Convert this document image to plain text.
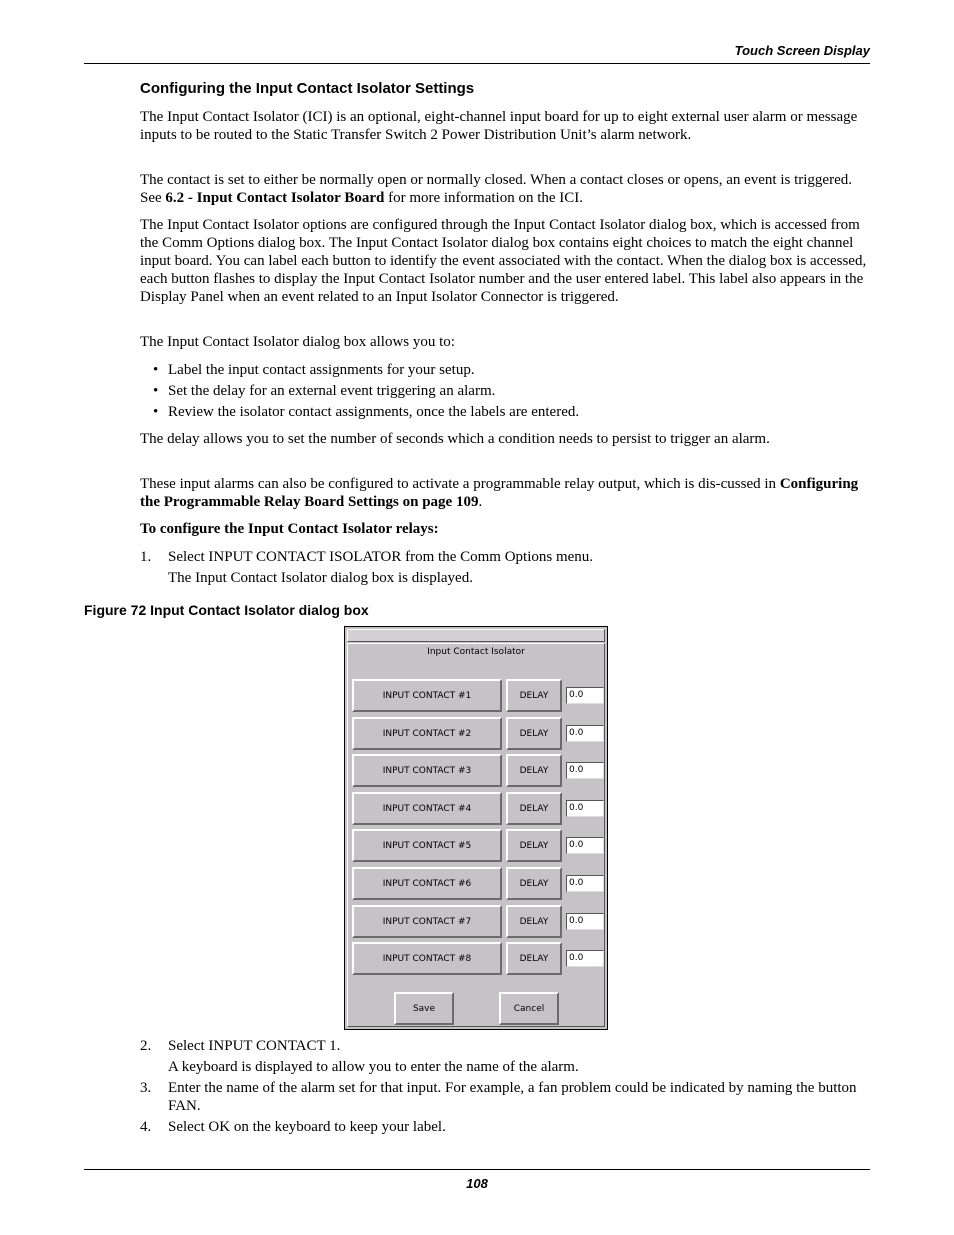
Touch Screen Display
Configuring the Input Contact Isolator Settings

The Input Contact Isolator (ICI) is an optional, eight-channel input board for up to eight external user alarm or message inputs to be routed to the Static Transfer Switch 2 Power Distribution Unit’s alarm network.

The contact is set to either be normally open or normally closed. When a contact closes or opens, an event is triggered. See 6.2 - Input Contact Isolator Board for more information on the ICI.

The Input Contact Isolator options are configured through the Input Contact Isolator dialog box, which is accessed from the Comm Options dialog box. The Input Contact Isolator dialog box contains eight choices to match the eight channel input board. You can label each button to identify the event associated with the contact. When the dialog box is accessed, each button flashes to display the Input Contact Isolator number and the user entered label. This label also appears in the Display Panel when an event related to an Input Isolator Connector is triggered.

The Input Contact Isolator dialog box allows you to:

• Label the input contact assignments for your setup.
• Set the delay for an external event triggering an alarm.
• Review the isolator contact assignments, once the labels are entered.

The delay allows you to set the number of seconds which a condition needs to persist to trigger an alarm.

These input alarms can also be configured to activate a programmable relay output, which is dis-cussed in Configuring the Programmable Relay Board Settings on page 109.

To configure the Input Contact Isolator relays:

1. Select INPUT CONTACT ISOLATOR from the Comm Options menu.
The Input Contact Isolator dialog box is displayed.
Figure 72 Input Contact Isolator dialog box
Input Contact Isolator
INPUT CONTACT #1	DELAY	0.0
INPUT CONTACT #2	DELAY	0.0
INPUT CONTACT #3	DELAY	0.0
INPUT CONTACT #4	DELAY	0.0
INPUT CONTACT #5	DELAY	0.0
INPUT CONTACT #6	DELAY	0.0
INPUT CONTACT #7	DELAY	0.0
INPUT CONTACT #8	DELAY	0.0
Save	Cancel
2. Select INPUT CONTACT 1.
A keyboard is displayed to allow you to enter the name of the alarm.
3. Enter the name of the alarm set for that input. For example, a fan problem could be indicated by naming the button FAN.
4. Select OK on the keyboard to keep your label.
108
